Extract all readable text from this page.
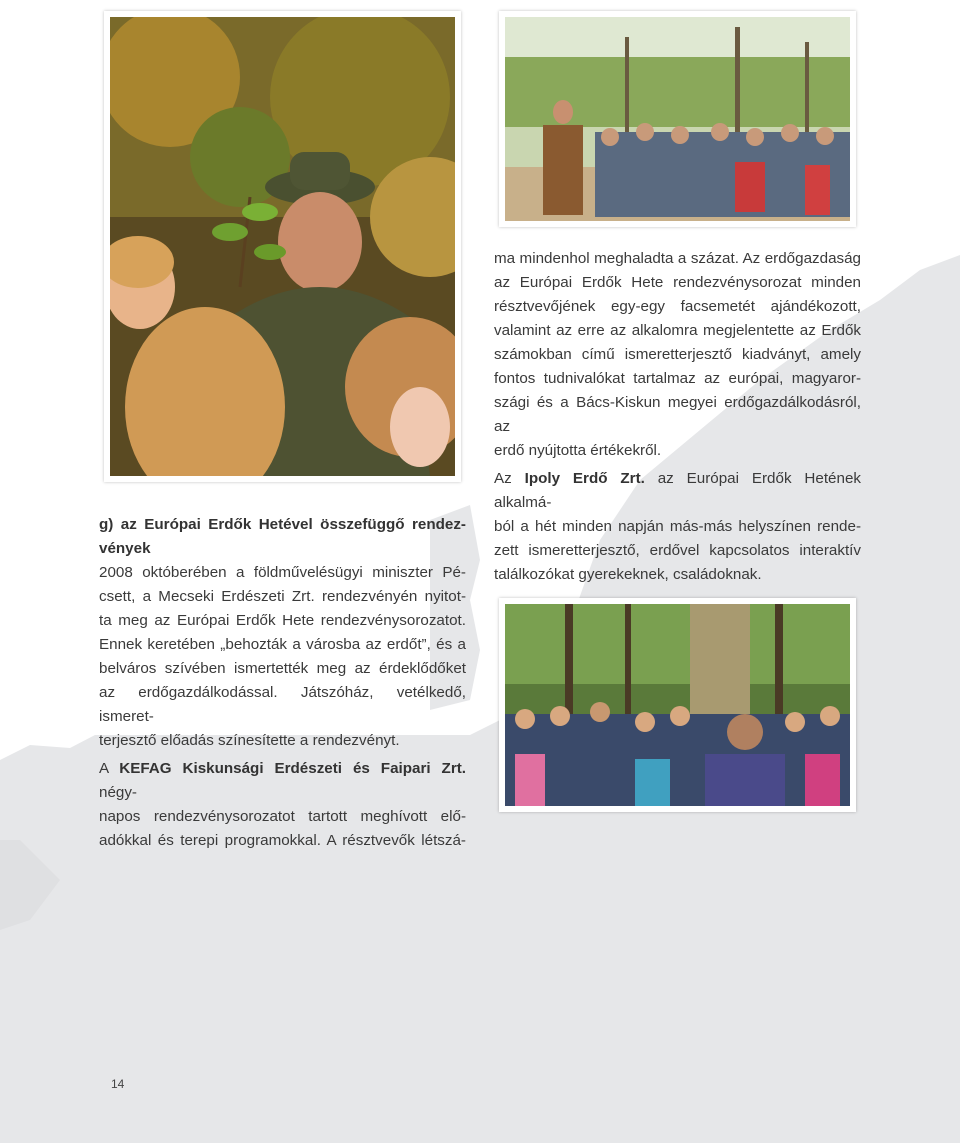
g) az Európai Erdők Hetével összefüggő rendez-
vények
2008 októberében a földművelésügyi miniszter Pé-
csett, a Mecseki Erdészeti Zrt. rendezvényén nyitot-
ta meg az Európai Erdők Hete rendezvénysorozatot.
Ennek keretében „behozták a városba az erdőt”, és a
belváros szívében ismertették meg az érdeklődőket
az erdőgazdálkodással. Játszóház, vetélkedő, ismeret-
terjesztő előadás színesítette a rendezvényt.
A KEFAG Kiskunsági Erdészeti és Faipari Zrt. négy-
napos rendezvénysorozatot tartott meghívott elő-
adókkal és terepi programokkal. A résztvevők létszá-
ma mindenhol meghaladta a százat. Az erdőgazdaság
az Európai Erdők Hete rendezvénysorozat minden
résztvevőjének egy-egy facsemetét ajándékozott,
valamint az erre az alkalomra megjelentette az Erdők
számokban című ismeretterjesztő kiadványt, amely
fontos tudnivalókat tartalmaz az európai, magyaror-
szági és a Bács-Kiskun megyei erdőgazdálkodásról, az
erdő nyújtotta értékekről.
Az Ipoly Erdő Zrt. az Európai Erdők Hetének alkalmá-
ból a hét minden napján más-más helyszínen rende-
zett ismeretterjesztő, erdővel kapcsolatos interaktív
találkozókat gyerekeknek, családoknak.
14
